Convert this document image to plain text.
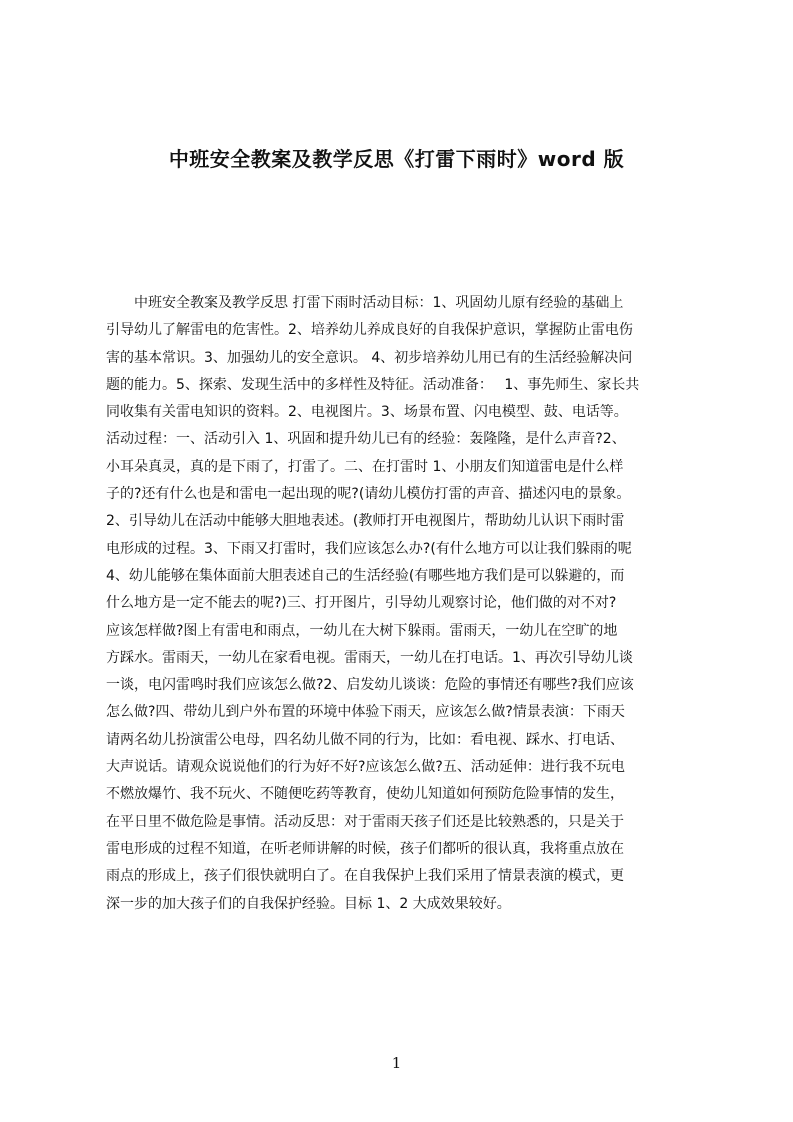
中班安全教案及教学反思《打雷下雨时》word 版
　　中班安全教案及教学反思 打雷下雨时活动目标：1、巩固幼儿原有经验的基础上
引导幼儿了解雷电的危害性。2、培养幼儿养成良好的自我保护意识，掌握防止雷电伤
害的基本常识。3、加强幼儿的安全意识。 4、初步培养幼儿用已有的生活经验解决问
题的能力。5、探索、发现生活中的多样性及特征。活动准备：　 1、事先师生、家长共
同收集有关雷电知识的资料。2、电视图片。3、场景布置、闪电模型、鼓、电话等。
活动过程：一、活动引入 1、巩固和提升幼儿已有的经验：轰隆隆，是什么声音?2、
小耳朵真灵，真的是下雨了，打雷了。二、在打雷时 1、小朋友们知道雷电是什么样
子的?还有什么也是和雷电一起出现的呢?(请幼儿模仿打雷的声音、描述闪电的景象。
2、引导幼儿在活动中能够大胆地表述。(教师打开电视图片，帮助幼儿认识下雨时雷
电形成的过程。3、下雨又打雷时，我们应该怎么办?(有什么地方可以让我们躲雨的呢
4、幼儿能够在集体面前大胆表述自己的生活经验(有哪些地方我们是可以躲避的，而
什么地方是一定不能去的呢?)三、打开图片，引导幼儿观察讨论，他们做的对不对?
应该怎样做?图上有雷电和雨点，一幼儿在大树下躲雨。雷雨天，一幼儿在空旷的地
方踩水。雷雨天，一幼儿在家看电视。雷雨天，一幼儿在打电话。1、再次引导幼儿谈
一谈，电闪雷鸣时我们应该怎么做?2、启发幼儿谈谈：危险的事情还有哪些?我们应该
怎么做?四、带幼儿到户外布置的环境中体验下雨天，应该怎么做?情景表演：下雨天
请两名幼儿扮演雷公电母，四名幼儿做不同的行为，比如：看电视、踩水、打电话、
大声说话。请观众说说他们的行为好不好?应该怎么做?五、活动延伸：进行我不玩电
不燃放爆竹、我不玩火、不随便吃药等教育，使幼儿知道如何预防危险事情的发生，
在平日里不做危险是事情。活动反思：对于雷雨天孩子们还是比较熟悉的，只是关于
雷电形成的过程不知道，在听老师讲解的时候，孩子们都听的很认真，我将重点放在
雨点的形成上，孩子们很快就明白了。在自我保护上我们采用了情景表演的模式，更
深一步的加大孩子们的自我保护经验。目标 1、2 大成效果较好。
1
